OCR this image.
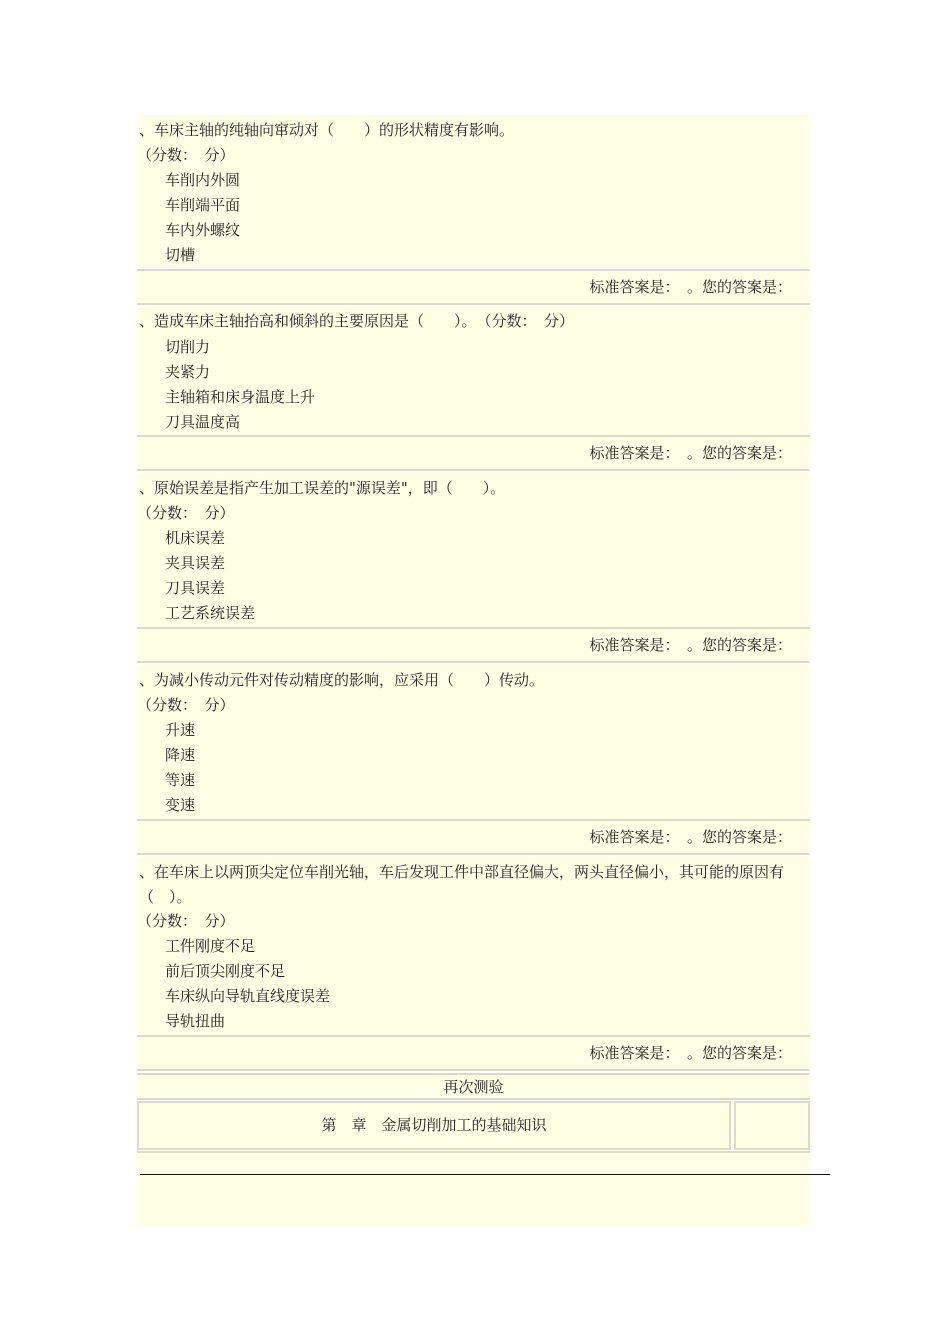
、车床主轴的纯轴向窜动对（　　）的形状精度有影响。
（分数：　分）
车削内外圆
车削端平面
车内外螺纹
切槽
标准答案是：　。您的答案是：
、造成车床主轴抬高和倾斜的主要原因是（　　）。　（分数：　分）
切削力
夹紧力
主轴箱和床身温度上升
刀具温度高
标准答案是：　。您的答案是：
、原始误差是指产生加工误差的"源误差"，即（　　）。
（分数：　分）
机床误差
夹具误差
刀具误差
工艺系统误差
标准答案是：　。您的答案是：
、为减小传动元件对传动精度的影响，应采用（　　）传动。
（分数：　分）
升速
降速
等速
变速
标准答案是：　。您的答案是：
、在车床上以两顶尖定位车削光轴，车后发现工件中部直径偏大，两头直径偏小，其可能的原因有（　）。
（分数：　分）
工件刚度不足
前后顶尖刚度不足
车床纵向导轨直线度误差
导轨扭曲
标准答案是：　。您的答案是：
再次测验
第　章　金属切削加工的基础知识
